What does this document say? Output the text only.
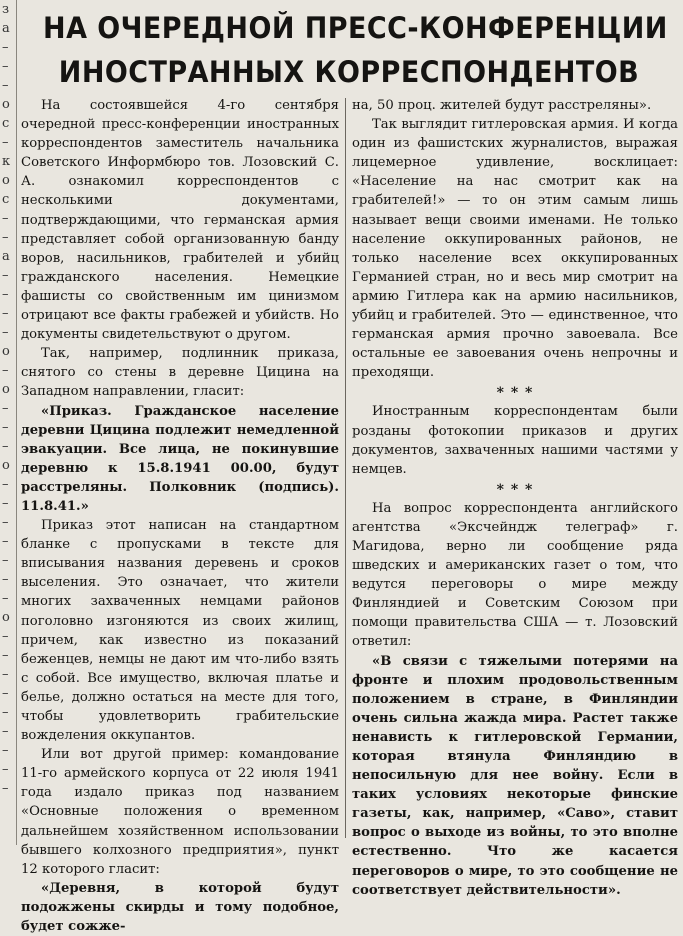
з
а
–
–
–
о
с
–
к
о
с
–
–
а
–
–
–
–
о
–
о
–
–
–
о
–
–
–
–
–
–
–
о
–
–
–
–
–
–
–
–
–
НА ОЧЕРЕДНОЙ ПРЕСС-КОНФЕРЕНЦИИ
ИНОСТРАННЫХ КОРРЕСПОНДЕНТОВ

На состоявшейся 4-го сентября очередной пресс-конференции иностранных корреспондентов заместитель начальника Советского Информбюро тов. Лозовский С. А. ознакомил корреспондентов с несколькими документами, подтверждающими, что германская армия представляет собой организованную банду воров, насильников, грабителей и убийц гражданского населения. Немецкие фашисты со свойственным им цинизмом отрицают все факты грабежей и убийств. Но документы свидетельствуют о другом.

Так, например, подлинник приказа, снятого со стены в деревне Цицина на Западном направлении, гласит:

«Приказ. Гражданское население деревни Цицина подлежит немедленной эвакуации. Все лица, не покинувшие деревню к 15.8.1941 00.00, будут расстреляны. Полковник (подпись). 11.8.41.»

Приказ этот написан на стандартном бланке с пропусками в тексте для вписывания названия деревень и сроков выселения. Это означает, что жители многих захваченных немцами районов поголовно изгоняются из своих жилищ, причем, как известно из показаний беженцев, немцы не дают им что-либо взять с собой. Все имущество, включая платье и белье, должно остаться на месте для того, чтобы удовлетворить грабительские вожделения оккупантов.

Или вот другой пример: командование 11-го армейского корпуса от 22 июля 1941 года издало приказ под названием «Основные положения о временном дальнейшем хозяйственном использовании бывшего колхозного предприятия», пункт 12 которого гласит:

«Деревня, в которой будут подожжены скирды и тому подобное, будет сожже-

на, 50 проц. жителей будут расстреляны».

Так выглядит гитлеровская армия. И когда один из фашистских журналистов, выражая лицемерное удивление, восклицает: «Население на нас смотрит как на грабителей!» — то он этим самым лишь называет вещи своими именами. Не только население оккупированных районов, не только население всех оккупированных Германией стран, но и весь мир смотрит на армию Гитлера как на армию насильников, убийц и грабителей. Это — единственное, что германская армия прочно завоевала. Все остальные ее завоевания очень непрочны и преходящи.

* * *

Иностранным корреспондентам были розданы фотокопии приказов и других документов, захваченных нашими частями у немцев.

* * *

На вопрос корреспондента английского агентства «Эксчейндж телеграф» г. Магидова, верно ли сообщение ряда шведских и американских газет о том, что ведутся переговоры о мире между Финляндией и Советским Союзом при помощи правительства США — т. Лозовский ответил:

«В связи с тяжелыми потерями на фронте и плохим продовольственным положением в стране, в Финляндии очень сильна жажда мира. Растет также ненависть к гитлеровской Германии, которая втянула Финляндию в непосильную для нее войну. Если в таких условиях некоторые финские газеты, как, например, «Саво», ставит вопрос о выходе из войны, то это вполне естественно. Что же касается переговоров о мире, то это сообщение не соответствует действительности».
